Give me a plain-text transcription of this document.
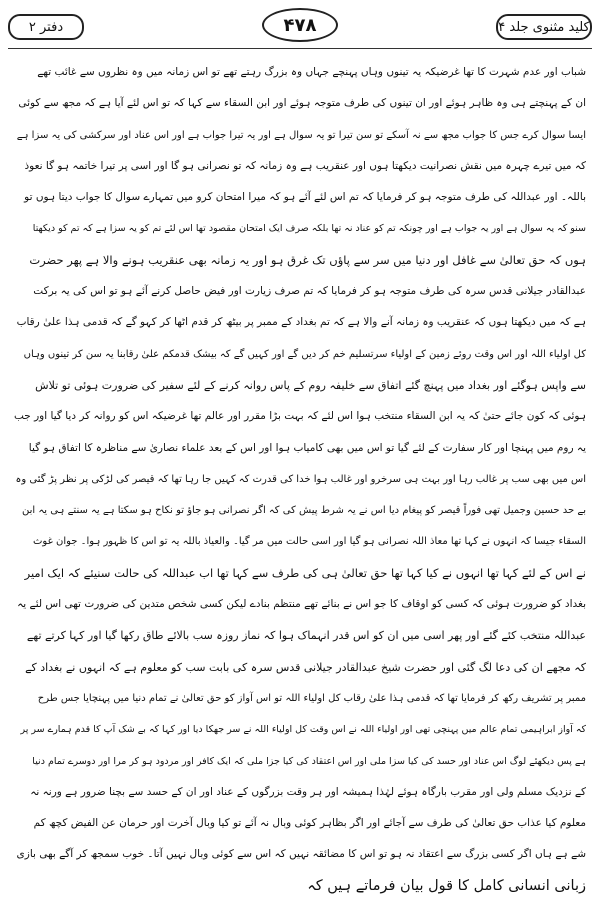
کلید مثنوی جلد ۴
۴۷۸
دفتر ۲
شباب اور عدم شہرت کا تھا غرضیکہ یہ تینوں وہاں پہنچے جہاں وہ بزرگ رہتے تھے تو اس زمانہ میں وہ نظروں سے غائب تھے
ان کے پہنچتے ہی وہ ظاہر ہوئے اور ان تینوں کی طرف متوجہ ہوئے اور ابن السقاء سے کہا کہ تو اس لئے آیا ہے کہ مجھ سے کوئی
ایسا سوال کرے جس کا جواب مجھ سے نہ آسکے تو سن تیرا تو یہ سوال ہے اور یہ تیرا جواب ہے اور اس عناد اور سرکشی کی یہ سزا ہے
کہ میں تیرے چہرہ میں نقش نصرانیت دیکھتا ہوں اور عنقریب ہے وہ زمانہ کہ تو نصرانی ہو گا اور اسی پر تیرا خاتمہ ہو گا نعوذ
باللہ۔ اور عبداللہ کی طرف متوجہ ہو کر فرمایا کہ تم اس لئے آئے ہو کہ میرا امتحان کرو میں تمہارے سوال کا جواب دیتا ہوں تو
سنو کہ یہ سوال ہے اور یہ جواب ہے اور چونکہ تم کو عناد نہ تھا بلکہ صرف ایک امتحان مقصود تھا اس لئے تم کو یہ سزا ہے کہ تم کو دیکھتا
ہوں کہ حق تعالیٰ سے غافل اور دنیا میں سر سے پاؤں تک غرق ہو اور یہ زمانہ بھی عنقریب ہونے والا ہے پھر حضرت
عبدالقادر جیلانی قدس سرہ کی طرف متوجہ ہو کر فرمایا کہ تم صرف زیارت اور فیض حاصل کرنے آئے ہو تو اس کی یہ برکت
ہے کہ میں دیکھتا ہوں کہ عنقریب وہ زمانہ آنے والا ہے کہ تم بغداد کے ممبر پر بیٹھ کر قدم اٹھا کر کہو گے کہ قدمی ہذا علیٰ رقاب
کل اولیاء اللہ اور اس وقت روئے زمین کے اولیاء سرتسلیم خم کر دیں گے اور کہیں گے کہ بیشک قدمکم علیٰ رقابنا یہ سن کر تینوں وہاں
سے واپس ہوگئے اور بغداد میں پہنچ گئے اتفاق سے خلیفہ روم کے پاس روانہ کرنے کے لئے سفیر کی ضرورت ہوئی تو تلاش
ہوئی کہ کون جائے حتیٰ کہ یہ ابن السقاء منتخب ہوا اس لئے کہ بہت بڑا مقرر اور عالم تھا غرضیکہ اس کو روانہ کر دیا گیا اور جب
یہ روم میں پہنچا اور کار سفارت کے لئے گیا تو اس میں بھی کامیاب ہوا اور اس کے بعد علماء نصاریٰ سے مناظرہ کا اتفاق ہو گیا
اس میں بھی سب پر غالب رہا اور بہت ہی سرخرو اور غالب ہوا خدا کی قدرت کہ کہیں جا رہا تھا کہ قیصر کی لڑکی پر نظر پڑ گئی وہ
بے حد حسین وجمیل تھی فوراً قیصر کو پیغام دیا اس نے یہ شرط پیش کی کہ اگر نصرانی ہو جاؤ تو نکاح ہو سکتا ہے یہ سنتے ہی یہ ابن
السقاء جیسا کہ انہوں نے کہا تھا معاذ اللہ نصرانی ہو گیا اور اسی حالت میں مر گیا۔ والعیاذ باللہ یہ تو اس کا ظہور ہوا۔ جوان غوث
نے اس کے لئے کہا تھا انہوں نے کیا کہا تھا حق تعالیٰ ہی کی طرف سے کہا تھا اب عبداللہ کی حالت سنیئے کہ ایک امیر
بغداد کو ضرورت ہوئی کہ کسی کو اوقاف کا جو اس نے بنائے تھے منتظم بنادے لیکن کسی شخص متدین کی ضرورت تھی اس لئے یہ
عبداللہ منتخب کئے گئے اور پھر اسی میں ان کو اس قدر انہماک ہوا کہ نماز روزہ سب بالائے طاق رکھا گیا اور کہا کرتے تھے
کہ مجھے ان کی دعا لگ گئی اور حضرت شیخ عبدالقادر جیلانی قدس سرہ کی بابت سب کو معلوم ہے کہ انہوں نے بغداد کے
ممبر پر تشریف رکھ کر فرمایا تھا کہ قدمی ہذا علیٰ رقاب کل اولیاء اللہ تو اس آواز کو حق تعالیٰ نے تمام دنیا میں پہنچایا جس طرح
کہ آواز ابراہیمی تمام عالم میں پہنچی تھی اور اولیاء اللہ نے اس وقت کل اولیاء اللہ نے سر جھکا دیا اور کہا کہ بے شک آپ کا قدم ہمارے سر پر
ہے پس دیکھئے لوگ اس عناد اور حسد کی کیا سزا ملی اور اس اعتقاد کی کیا جزا ملی کہ ایک کافر اور مردود ہو کر مرا اور دوسرے تمام دنیا
کے نزدیک مسلم ولی اور مقرب بارگاہ ہوئے لہٰذا ہمیشہ اور ہر وقت بزرگوں کے عناد اور ان کے حسد سے بچنا ضرور ہے ورنہ نہ
معلوم کیا عذاب حق تعالیٰ کی طرف سے آجائے اور اگر بظاہر کوئی وبال نہ آئے تو کیا وبال آخرت اور حرمان عن الفیض کچھ کم
شے ہے ہاں اگر کسی بزرگ سے اعتقاد نہ ہو تو اس کا مضائقہ نہیں کہ اس سے کوئی وبال نہیں آتا۔ خوب سمجھ کر آگے بھی بازی
زبانی انسانی کامل کا قول بیان فرماتے ہیں کہ
